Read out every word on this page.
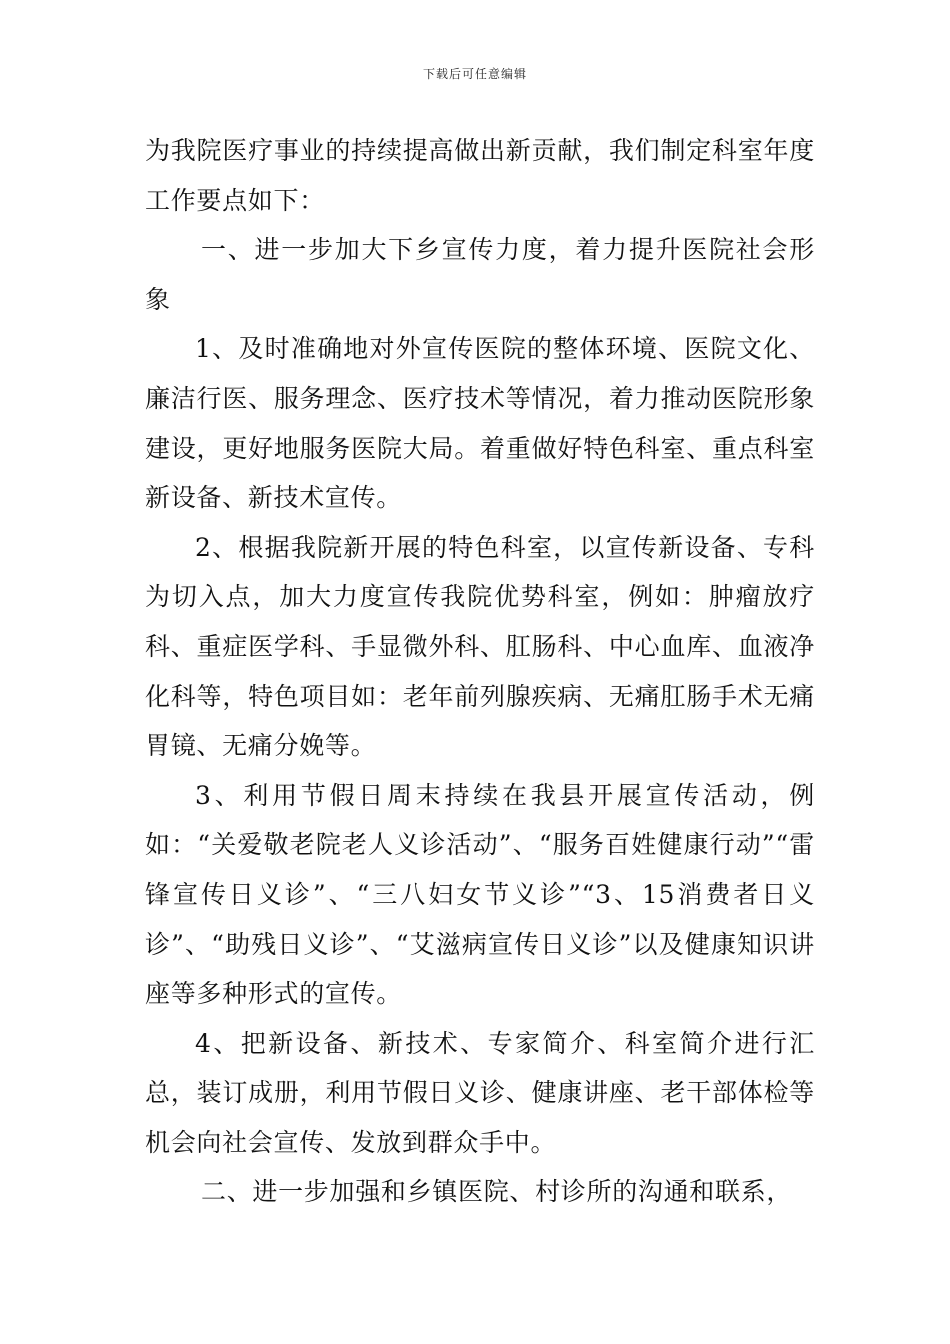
下载后可任意编辑

为我院医疗事业的持续提高做出新贡献，我们制定科室年度工作要点如下：

一、进一步加大下乡宣传力度，着力提升医院社会形象

1、及时准确地对外宣传医院的整体环境、医院文化、廉洁行医、服务理念、医疗技术等情况，着力推动医院形象建设，更好地服务医院大局。着重做好特色科室、重点科室新设备、新技术宣传。

2、根据我院新开展的特色科室，以宣传新设备、专科为切入点，加大力度宣传我院优势科室，例如：肿瘤放疗科、重症医学科、手显微外科、肛肠科、中心血库、血液净化科等，特色项目如：老年前列腺疾病、无痛肛肠手术无痛胃镜、无痛分娩等。

3、利用节假日周末持续在我县开展宣传活动，例如：“关爱敬老院老人义诊活动”、“服务百姓健康行动”“雷锋宣传日义诊”、“三八妇女节义诊”“3、15消费者日义诊”、“助残日义诊”、“艾滋病宣传日义诊”以及健康知识讲座等多种形式的宣传。

4、把新设备、新技术、专家简介、科室简介进行汇总，装订成册，利用节假日义诊、健康讲座、老干部体检等机会向社会宣传、发放到群众手中。

二、进一步加强和乡镇医院、村诊所的沟通和联系，
